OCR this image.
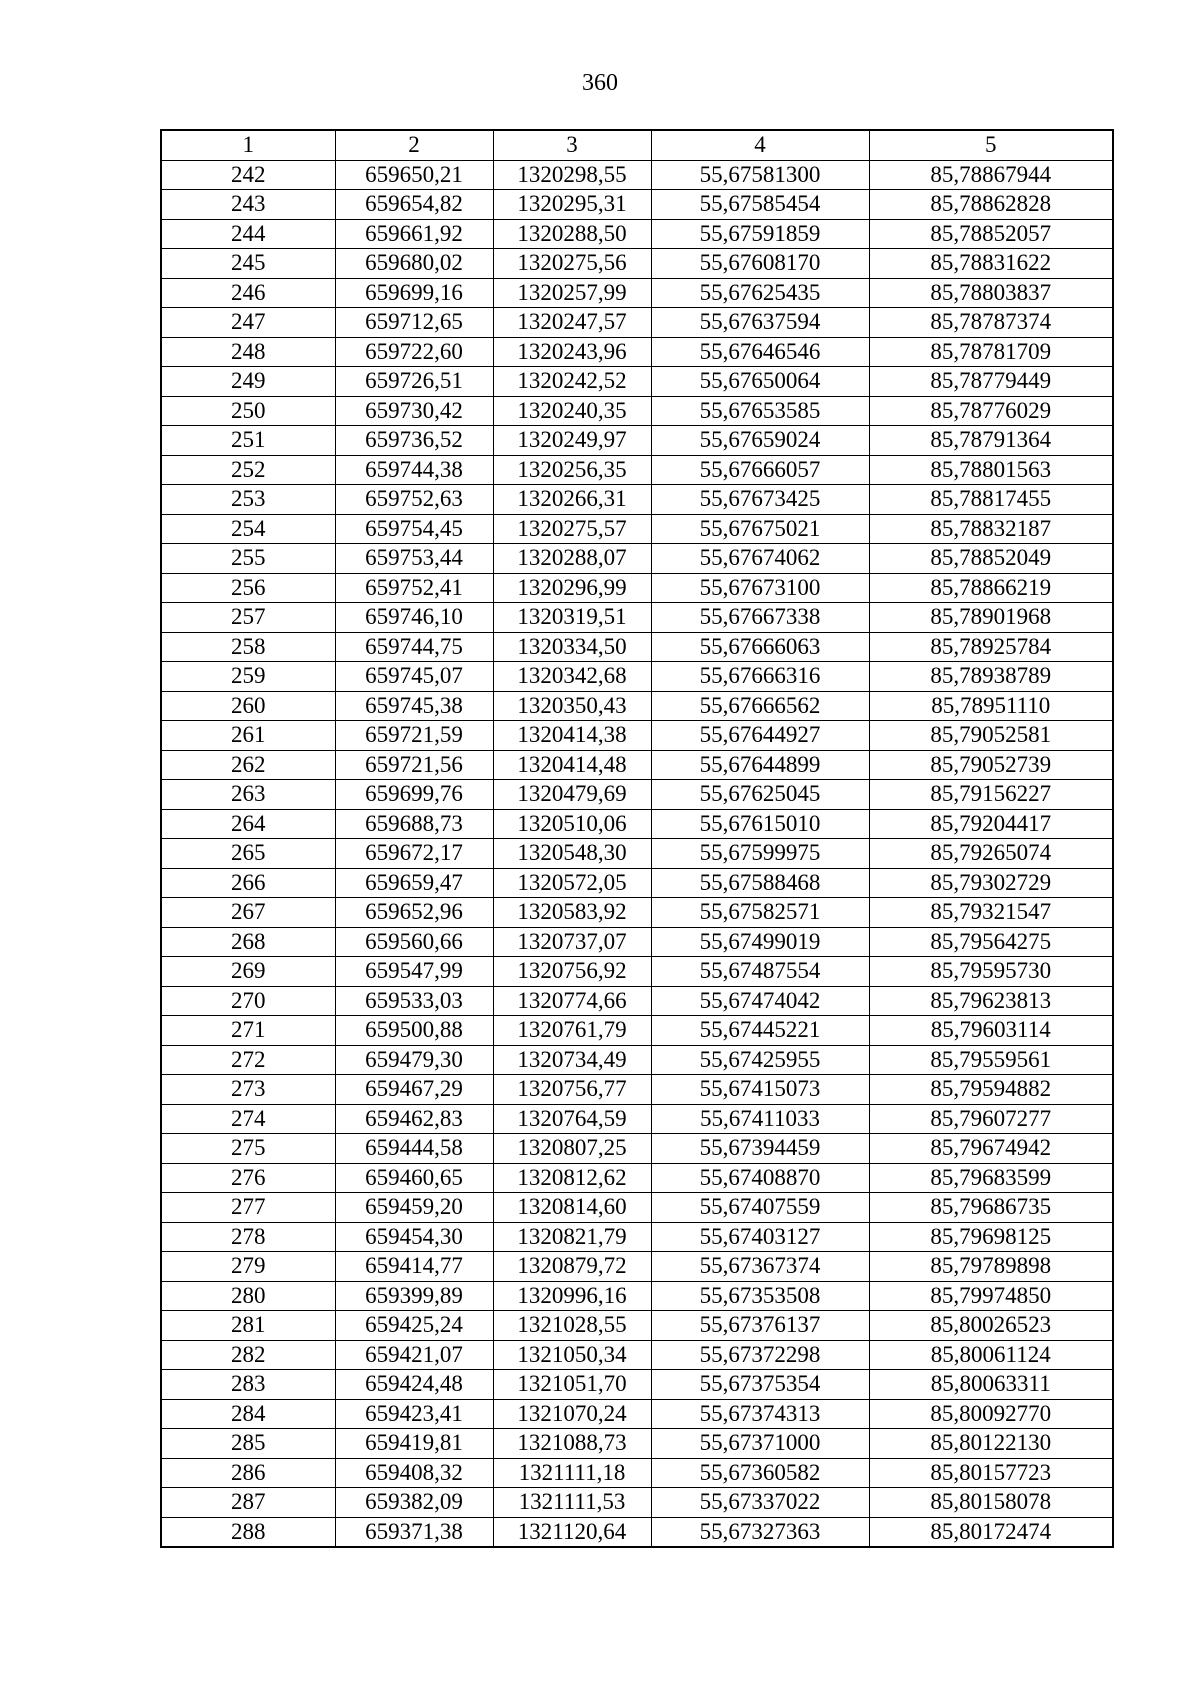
360
1	2	3	4	5
242	659650,21	1320298,55	55,67581300	85,78867944
243	659654,82	1320295,31	55,67585454	85,78862828
244	659661,92	1320288,50	55,67591859	85,78852057
245	659680,02	1320275,56	55,67608170	85,78831622
246	659699,16	1320257,99	55,67625435	85,78803837
247	659712,65	1320247,57	55,67637594	85,78787374
248	659722,60	1320243,96	55,67646546	85,78781709
249	659726,51	1320242,52	55,67650064	85,78779449
250	659730,42	1320240,35	55,67653585	85,78776029
251	659736,52	1320249,97	55,67659024	85,78791364
252	659744,38	1320256,35	55,67666057	85,78801563
253	659752,63	1320266,31	55,67673425	85,78817455
254	659754,45	1320275,57	55,67675021	85,78832187
255	659753,44	1320288,07	55,67674062	85,78852049
256	659752,41	1320296,99	55,67673100	85,78866219
257	659746,10	1320319,51	55,67667338	85,78901968
258	659744,75	1320334,50	55,67666063	85,78925784
259	659745,07	1320342,68	55,67666316	85,78938789
260	659745,38	1320350,43	55,67666562	85,78951110
261	659721,59	1320414,38	55,67644927	85,79052581
262	659721,56	1320414,48	55,67644899	85,79052739
263	659699,76	1320479,69	55,67625045	85,79156227
264	659688,73	1320510,06	55,67615010	85,79204417
265	659672,17	1320548,30	55,67599975	85,79265074
266	659659,47	1320572,05	55,67588468	85,79302729
267	659652,96	1320583,92	55,67582571	85,79321547
268	659560,66	1320737,07	55,67499019	85,79564275
269	659547,99	1320756,92	55,67487554	85,79595730
270	659533,03	1320774,66	55,67474042	85,79623813
271	659500,88	1320761,79	55,67445221	85,79603114
272	659479,30	1320734,49	55,67425955	85,79559561
273	659467,29	1320756,77	55,67415073	85,79594882
274	659462,83	1320764,59	55,67411033	85,79607277
275	659444,58	1320807,25	55,67394459	85,79674942
276	659460,65	1320812,62	55,67408870	85,79683599
277	659459,20	1320814,60	55,67407559	85,79686735
278	659454,30	1320821,79	55,67403127	85,79698125
279	659414,77	1320879,72	55,67367374	85,79789898
280	659399,89	1320996,16	55,67353508	85,79974850
281	659425,24	1321028,55	55,67376137	85,80026523
282	659421,07	1321050,34	55,67372298	85,80061124
283	659424,48	1321051,70	55,67375354	85,80063311
284	659423,41	1321070,24	55,67374313	85,80092770
285	659419,81	1321088,73	55,67371000	85,80122130
286	659408,32	1321111,18	55,67360582	85,80157723
287	659382,09	1321111,53	55,67337022	85,80158078
288	659371,38	1321120,64	55,67327363	85,80172474
